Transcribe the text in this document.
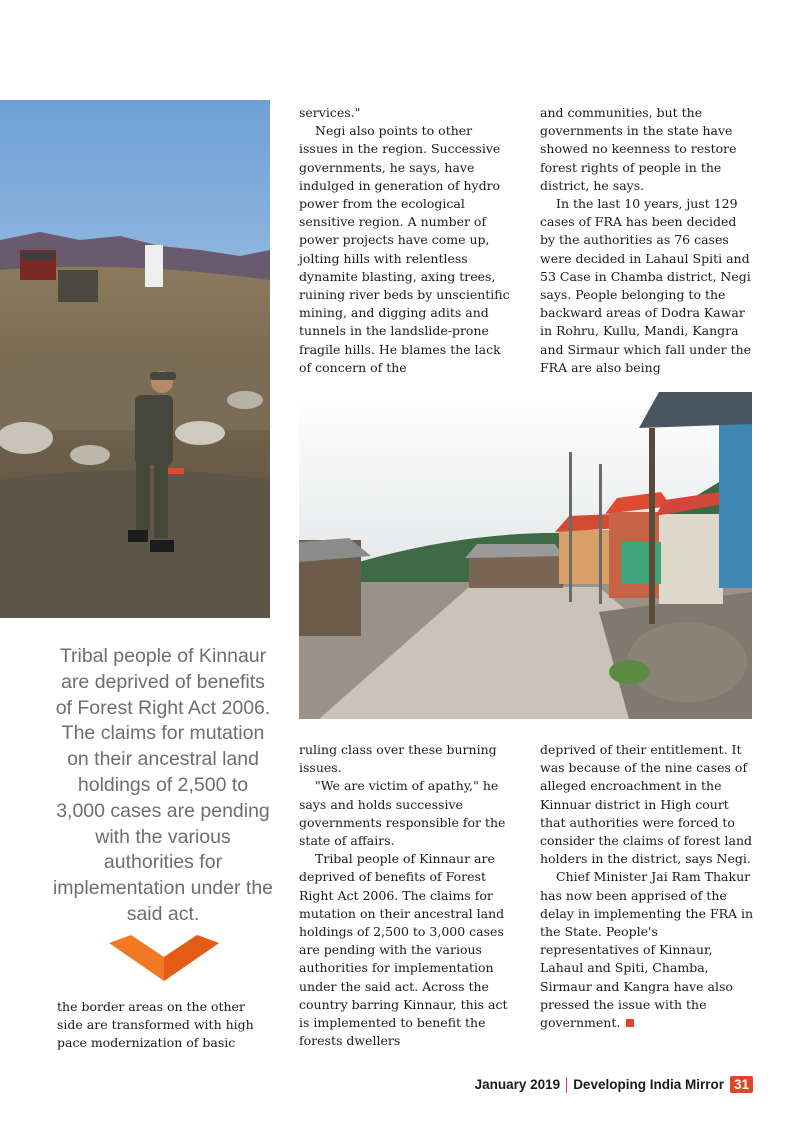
services."

Negi also points to other issues in the region. Successive governments, he says, have indulged in generation of hydro power from the ecological sensitive region. A number of power projects have come up, jolting hills with relentless dynamite blasting, axing trees, ruining river beds by unscientific mining, and digging adits and tunnels in the landslide-prone fragile hills. He blames the lack of concern of the

and communities, but the governments in the state have showed no keenness to restore forest rights of people in the district, he says.

In the last 10 years, just 129 cases of FRA has been decided by the authorities as 76 cases were decided in Lahaul Spiti and 53 Case in Chamba district, Negi says. People belonging to the backward areas of Dodra Kawar in Rohru, Kullu, Mandi, Kangra and Sirmaur which fall under the FRA are also being

Tribal people of Kinnaur are deprived of benefits of Forest Right Act 2006. The claims for mutation on their ancestral land holdings of 2,500 to 3,000 cases are pending with the various authorities for implementation under the said act.

the border areas on the other side are transformed with high pace modernization of basic

ruling class over these burning issues.

"We are victim of apathy," he says and holds successive governments responsible for the state of affairs.

Tribal people of Kinnaur are deprived of benefits of Forest Right Act 2006. The claims for mutation on their ancestral land holdings of 2,500 to 3,000 cases are pending with the various authorities for implementation under the said act. Across the country barring Kinnaur, this act is implemented to benefit the forests dwellers

deprived of their entitlement. It was because of the nine cases of alleged encroachment in the Kinnuar district in High court that authorities were forced to consider the claims of forest land holders in the district, says Negi.

Chief Minister Jai Ram Thakur has now been apprised of the delay in implementing the FRA in the State. People's representatives of Kinnaur, Lahaul and Spiti, Chamba, Sirmaur and Kangra have also pressed the issue with the government.

January 2019 Developing India Mirror 31
